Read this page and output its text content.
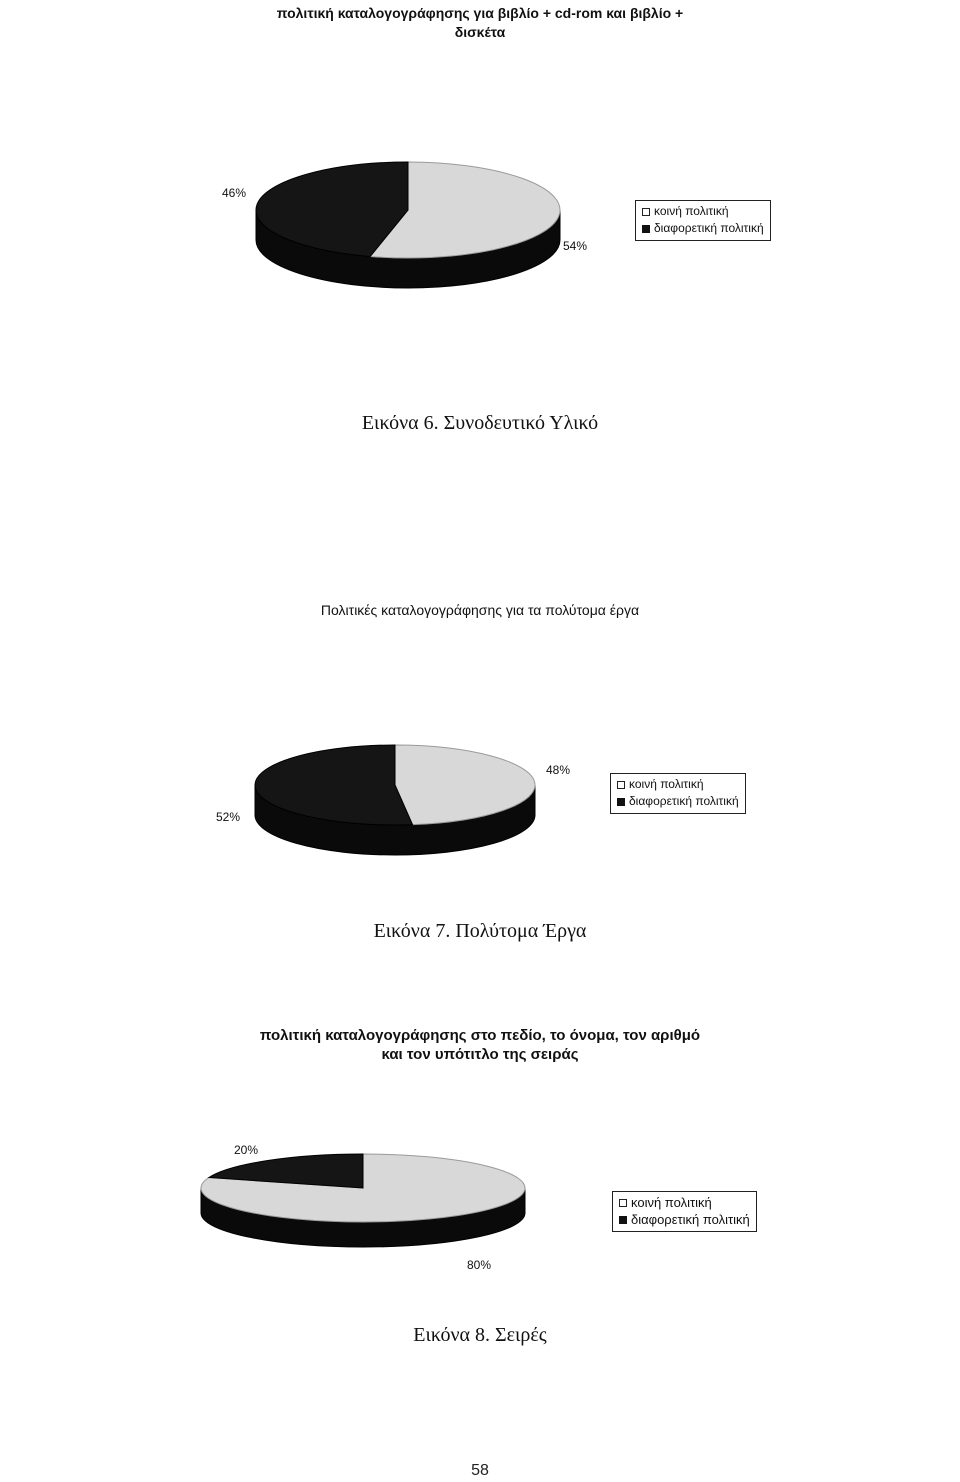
πολιτική καταλογογράφησης για βιβλίο + cd-rom και βιβλίο +
δισκέτα
46%
54%
κοινή πολιτική
διαφορετική πολιτική
Εικόνα 6. Συνοδευτικό Υλικό
Πολιτικές καταλογογράφησης για τα πολύτομα έργα
48%
52%
κοινή πολιτική
διαφορετική πολιτική
Εικόνα 7. Πολύτομα Έργα
πολιτική καταλογογράφησης στο πεδίο, το όνομα, τον αριθμό
και τον υπότιτλο της σειράς
20%
80%
κοινή πολιτική
διαφορετική πολιτική
Εικόνα 8. Σειρές
58
